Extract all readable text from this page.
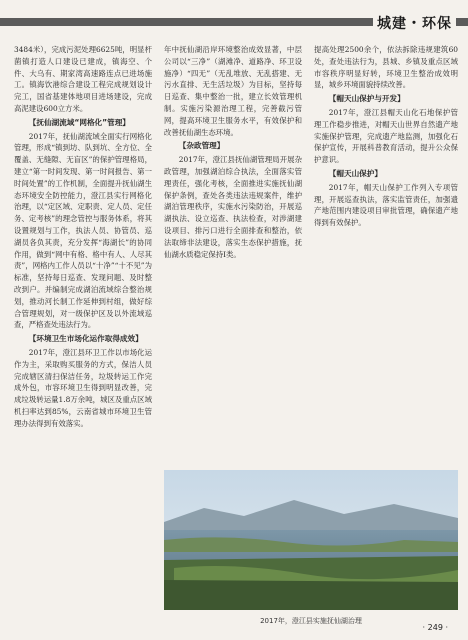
城建・环保

3484米），完成污泥处理6625吨，明显杆菌镇打造人口建设已建成，镇海空、个件、大乌有、期家湾高速路连点已进场施工。镇海饮港综合建设工程完成规划设计完工，国省基建体地项目进场建设，完成高泥建设600立方米。

【抚仙湖流域“网格化”管理】

2017年，抚仙湖流域全面实行网格化管理，形成“镇到坊、队到坑、全方位、全覆盖、无缝隙、无盲区”的保护管理格局，建立“第一时间发现、第一时间报告、第一时间处置”的工作机制，全面提升抚仙湖生态环境安全防控能力，澄江县实行网格化治理，以“定区域、定职责、定人员、定任务、定考核”的理念管控与服务体系，将其设置规划与工作，执法人员、协管员、巡湖员各负其责，充分发挥“海湖长”的协同作用，做到“网中有格、格中有人、人尽其责”，网格内工作人员以“十净”“十不见”为标准，坚持每日巡查、发现问题、及时整改到户。并编制完成湖泊流域综合整治规划，推动河长制工作延伸到村组，做好综合管理规划，对一级保护区及以外流域巡查，严格查处违法行为。

【环境卫生市场化运作取得成效】

2017年，澄江县环卫工作以市场化运作为主，采取购买服务的方式，保洁人员完成辖区清扫保洁任务，垃圾转运工作完成外包，市容环境卫生得到明显改善，完成垃圾转运量1.8万余吨，城区及重点区域机扫率达到85%，云南省城市环境卫生管理办法得到有效落实。

年中抚仙湖沿岸环境整治成效显著，中层公司以“三净”（湖滩净、道路净、环卫设施净）“四无”（无乱堆放、无乱搭建、无污水直排、无生活垃圾）为目标，坚持每日巡查、集中整治一批，建立长效管理机制。实施污染源治理工程，完善截污管网，提高环境卫生服务水平，有效保护和改善抚仙湖生态环境。

【杂政管理】

2017年，澄江县抚仙湖管理局开展杂政管理，加强湖泊综合执法，全面落实管理责任，强化考核，全面推进实施抚仙湖保护条例，查处各类违法违规案件，维护湖泊管理秩序，实施水污染防治，开展巡湖执法、设立巡查、执法检查，对涉湖建设项目、排污口进行全面排查和整治，依法取缔非法建设，落实生态保护措施，抚仙湖水质稳定保持Ⅰ类。

提高处理2500余个，依法拆除违规建筑60处，查处违法行为，县城、乡镇及重点区域市容秩序明显好转，环境卫生整治成效明显，城乡环境面貌持续改善。

【帽天山保护与开发】

2017年，澄江县帽天山化石地保护管理工作稳步推进，对帽天山世界自然遗产地实施保护管理，完成遗产地监测，加强化石保护宣传，开展科普教育活动，提升公众保护意识。

【帽天山保护】

2017年，帽天山保护工作列入专项管理，开展巡查执法，落实监管责任，加强遗产地范围内建设项目审批管理，确保遗产地得到有效保护。

2017年，澄江县实施抚仙湖治理
· 249 ·
